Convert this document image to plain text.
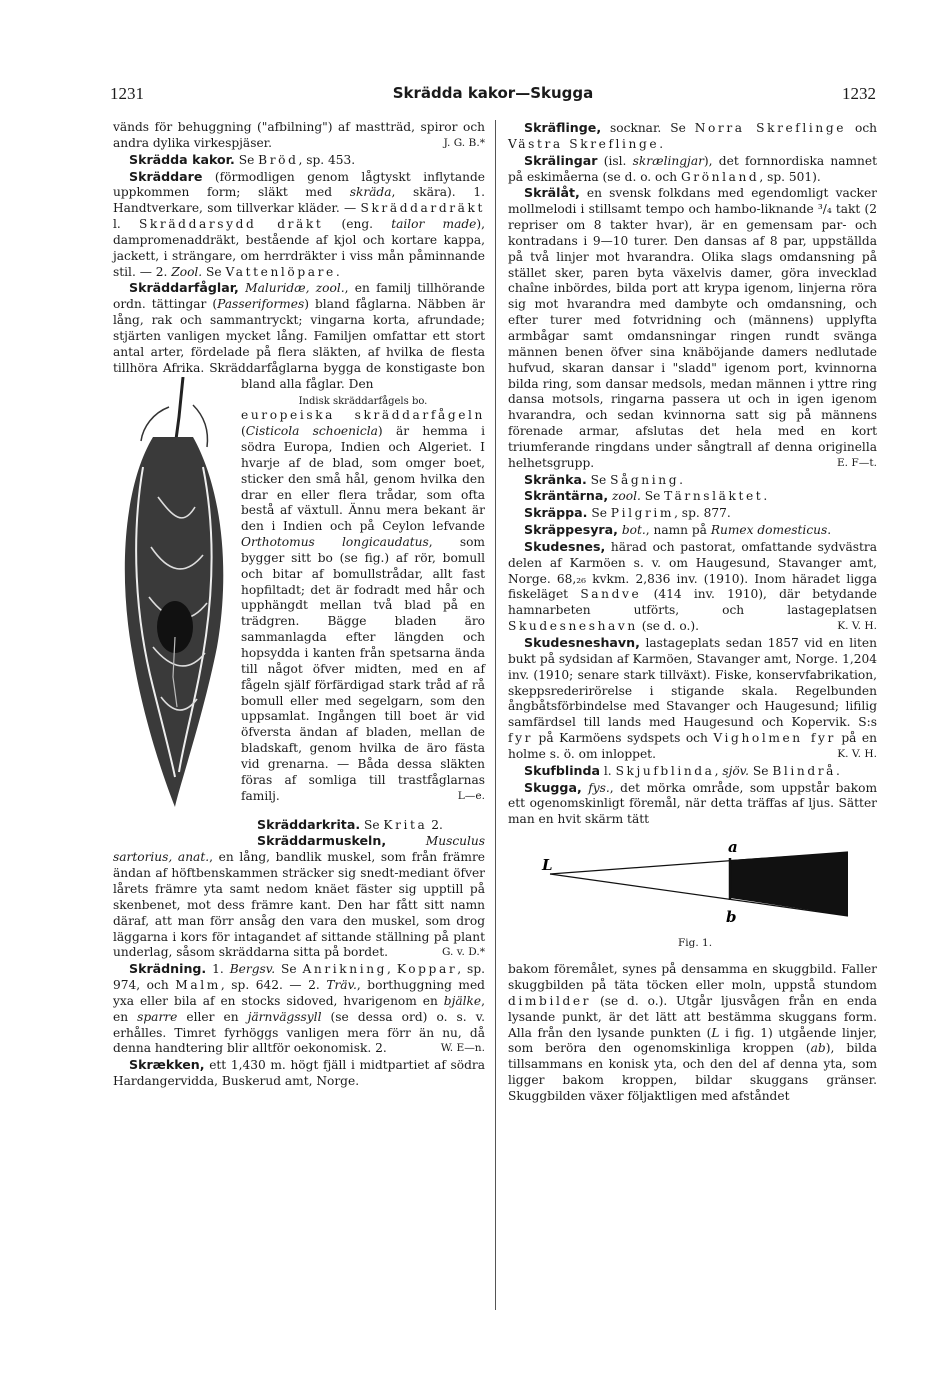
1231	Skrädda kakor—Skugga	1232

vänds för behuggning ("afbilning") af mastträd, spiror och andra dylika virkespjäser.	J. G. B.*

Skrädda kakor. Se Bröd, sp. 453.

Skräddare (förmodligen genom lågtyskt inflytande uppkommen form; släkt med skräda, skära). 1. Handtverkare, som tillverkar kläder. — Skräddardräkt l. Skräddarsydd dräkt (eng. tailor made), dampromenaddräkt, bestående af kjol och kortare kappa, jackett, i strängare, om herrdräkter i viss mån påminnande stil. — 2. Zool. Se Vattenlöpare.

Skräddarfåglar, Maluridæ, zool., en familj tillhörande ordn. tättingar (Passeriformes) bland fåglarna. Näbben är lång, rak och sammantryckt; vingarna korta, afrundade; stjärten vanligen mycket lång. Familjen omfattar ett stort antal arter, fördelade på flera släkten, af hvilka de flesta tillhöra Afrika. Skräddarfåglarna bygga de konstigaste bon bland alla fåglar. Den

Indisk skräddarfågels bo.
europeiska skräddarfågeln (Cisticola schoenicla) är hemma i södra Europa, Indien och Algeriet. I hvarje af de blad, som omger boet, sticker den små hål, genom hvilka den drar en eller flera trådar, som ofta bestå af växtull. Ännu mera bekant är den i Indien och på Ceylon lefvande Orthotomus longicaudatus, som bygger sitt bo (se fig.) af rör, bomull och bitar af bomullstrådar, allt fast hopfiltadt; det är fodradt med hår och upphängdt mellan två blad på en trädgren. Bägge bladen äro sammanlagda efter längden och hopsydda i kanten från spetsarna ända till något öfver midten, med en af fågeln själf förfärdigad stark tråd af rå bomull eller med segelgarn, som den uppsamlat. Ingången till boet är vid öfversta ändan af bladen, mellan de bladskaft, genom hvilka de äro fästa vid grenarna. — Båda dessa släkten föras af somliga till trastfåglarnas familj.	L—e.

Skräddarkrita. Se Krita 2.

Skräddarmuskeln,	Musculus sartorius, anat., en lång, bandlik muskel, som från främre ändan af höftbenskammen sträcker sig snedt-mediant öfver lårets främre yta samt nedom knäet fäster sig upptill på skenbenet, mot dess främre kant. Den har fått sitt namn däraf, att man förr ansåg den vara den muskel, som drog läggarna i kors för intagandet af sittande ställning på plant underlag, såsom skräddarna sitta på bordet.	G. v. D.*

Skrädning. 1. Bergsv. Se Anrikning, Koppar, sp. 974, och Malm, sp. 642. — 2. Träv., borthuggning med yxa eller bila af en stocks sidoved, hvarigenom en bjälke, en sparre eller en järnvägssyll (se dessa ord) o. s. v. erhålles. Timret fyrhöggs vanligen mera förr än nu, då denna handtering blir alltför oekonomisk. 2.	W. E—n.

Skrækken, ett 1,430 m. högt fjäll i midtpartiet af södra Hardangervidda, Buskerud amt, Norge.

Skräflinge, socknar. Se Norra Skreflinge och Västra Skreflinge.

Skrälingar (isl. skrælingjar), det fornnordiska namnet på eskimåerna (se d. o. och Grönland, sp. 501).

Skrälåt, en svensk folkdans med egendomligt vacker mollmelodi i stillsamt tempo och hambo-liknande ³/₄ takt (2 repriser om 8 takter hvar), är en gemensam par- och kontradans i 9—10 turer. Den dansas af 8 par, uppställda på två linjer mot hvarandra. Olika slags omdansning på stället sker, paren byta växelvis damer, göra invecklad chaîne inbördes, bilda port att krypa igenom, linjerna röra sig mot hvarandra med dambyte och omdansning, och efter turer med fotvridning och (männens) upplyfta armbågar samt omdansningar ringen rundt svänga männen benen öfver sina knäböjande damers nedlutade hufvud, skaran dansar i "sladd" igenom port, kvinnorna bilda ring, som dansar medsols, medan männen i yttre ring dansa motsols, ringarna passera ut och in igen igenom hvarandra, och sedan kvinnorna satt sig på männens förenade armar, afslutas det hela med en kort triumferande ringdans under sångtrall af denna originella helhetsgrupp.	E. F—t.

Skränka. Se Sågning.

Skräntärna, zool. Se Tärnsläktet.

Skräppa. Se Pilgrim, sp. 877.

Skräppesyra, bot., namn på Rumex domesticus.

Skudesnes, härad och pastorat, omfattande sydvästra delen af Karmöen s. v. om Haugesund, Stavanger amt, Norge. 68,₂₆ kvkm. 2,836 inv. (1910). Inom häradet ligga fiskeläget Sandve (414 inv. 1910), där betydande hamnarbeten utförts, och lastageplatsen Skudesneshavn (se d. o.).	K. V. H.

Skudesneshavn, lastageplats sedan 1857 vid en liten bukt på sydsidan af Karmöen, Stavanger amt, Norge. 1,204 inv. (1910; senare stark tillväxt). Fiske, konservfabrikation, skeppsrederirörelse i stigande skala. Regelbunden ångbåtsförbindelse med Stavanger och Haugesund; lifilig samfärdsel till lands med Haugesund och Kopervik. S:s fyr på Karmöens sydspets och Vigholmen fyr på en holme s. ö. om inloppet.	K. V. H.

Skufblinda l. Skjufblinda, sjöv. Se Blindrå.

Skugga, fys., det mörka område, som uppstår bakom ett ogenomskinligt föremål, när detta träffas af ljus. Sätter man en hvit skärm tätt

L
a
b
Fig. 1.

bakom föremålet, synes på densamma en skuggbild. Faller skuggbilden på täta töcken eller moln, uppstå stundom dimbilder (se d. o.). Utgår ljusvågen från en enda lysande punkt, är det lätt att bestämma skuggans form. Alla från den lysande punkten (L i fig. 1) utgående linjer, som beröra den ogenomskinliga kroppen (ab), bilda tillsammans en konisk yta, och den del af denna yta, som ligger bakom kroppen, bildar skuggans gränser. Skuggbilden växer följaktligen med afståndet
